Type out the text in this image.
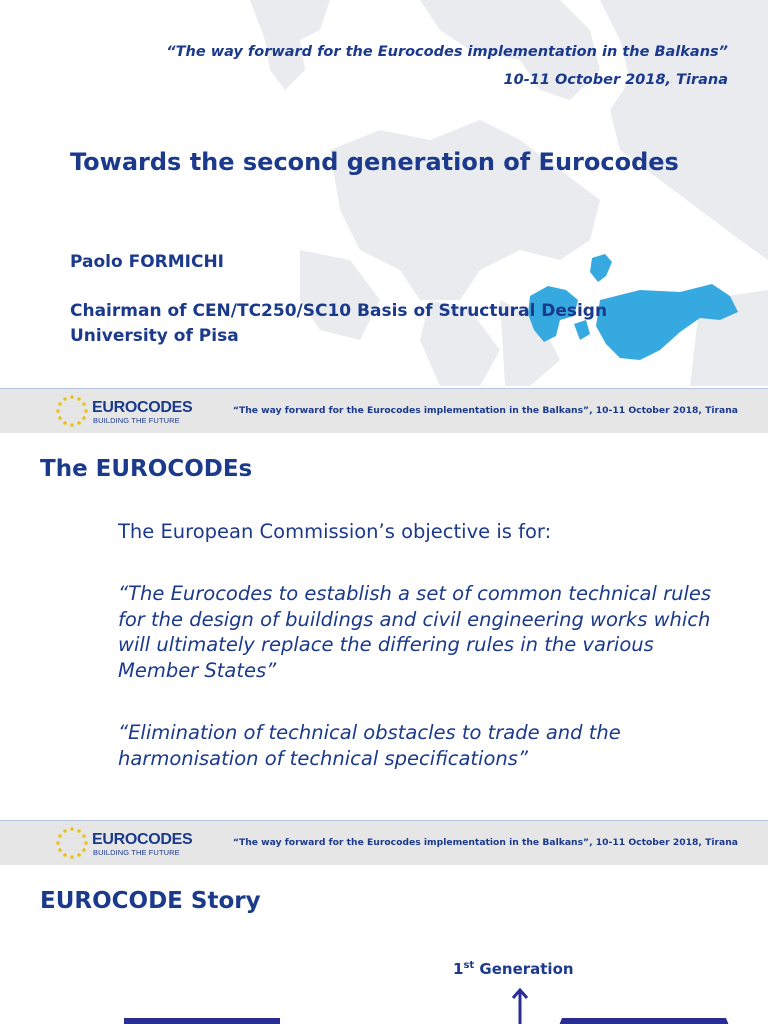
“The way forward for the Eurocodes implementation in the Balkans”
10-11 October 2018, Tirana
Towards the second generation of Eurocodes
Paolo FORMICHI
Chairman of CEN/TC250/SC10 Basis of Structural Design
University of Pisa
EUROCODES
BUILDING THE FUTURE
“The way forward for the Eurocodes implementation in the Balkans”, 10-11 October 2018, Tirana
The EUROCODEs
The European Commission’s objective is for:

“The Eurocodes to establish a set of common technical rules for the design of buildings and civil engineering works which will ultimately replace the differing rules in the various Member States”

“Elimination of technical obstacles to trade and the harmonisation of technical specifications”

EUROCODES
BUILDING THE FUTURE
“The way forward for the Eurocodes implementation in the Balkans”, 10-11 October 2018, Tirana
EUROCODE Story
1st Generation
